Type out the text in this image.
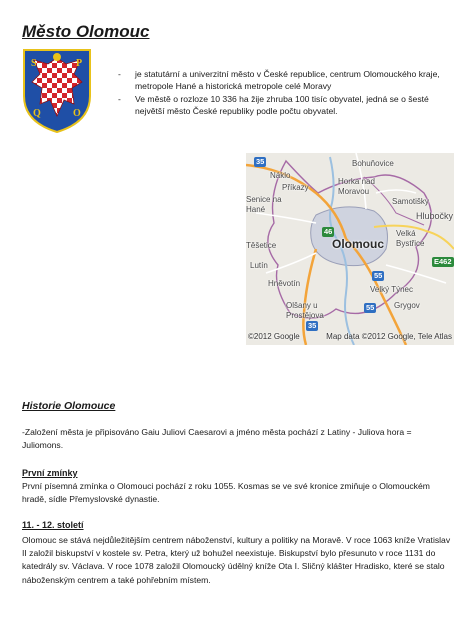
Město Olomouc
S	P
Q	O
- je statutární a univerzitní město v České republice, centrum Olomouckého kraje, metropole Hané a historická metropole celé Moravy
- Ve městě o rozloze 10 336 ha žije zhruba 100 tisíc obyvatel, jedná se o šesté největší město České republiky podle počtu obyvatel.
Bohuňovice
Náklo
Horka nad Moravou
Příkazy
Samotišky
Hlubočky
Senice na Hané
Velká Bystřice
Těšetice
Lutín
Hněvotín
Olšany u Prostějova
Velký Týnec
Grygov
Olomouc
35
46
55
E462
35
55
©2012 Google	Map data ©2012 Google, Tele Atlas
Historie Olomouce

-Založení města je připisováno Gaiu Juliovi Caesarovi a jméno města pochází z Latiny - Juliova hora = Juliomons.

První zmínky

První písemná zmínka o Olomouci pochází z roku 1055. Kosmas se ve své kronice zmiňuje o Olomouckém hradě, sídle Přemyslovské dynastie.

11. - 12. století

Olomouc se stává nejdůležitějším centrem náboženství, kultury a politiky na Moravě. V roce 1063 kníže Vratislav II založil biskupství v kostele sv. Petra, který už bohužel neexistuje. Biskupství bylo přesunuto v roce 1131 do katedrály sv. Václava. V roce 1078 založil Olomoucký údělný kníže Ota I. Sličný klášter Hradisko, které se stalo náboženským centrem a také pohřebním místem.
